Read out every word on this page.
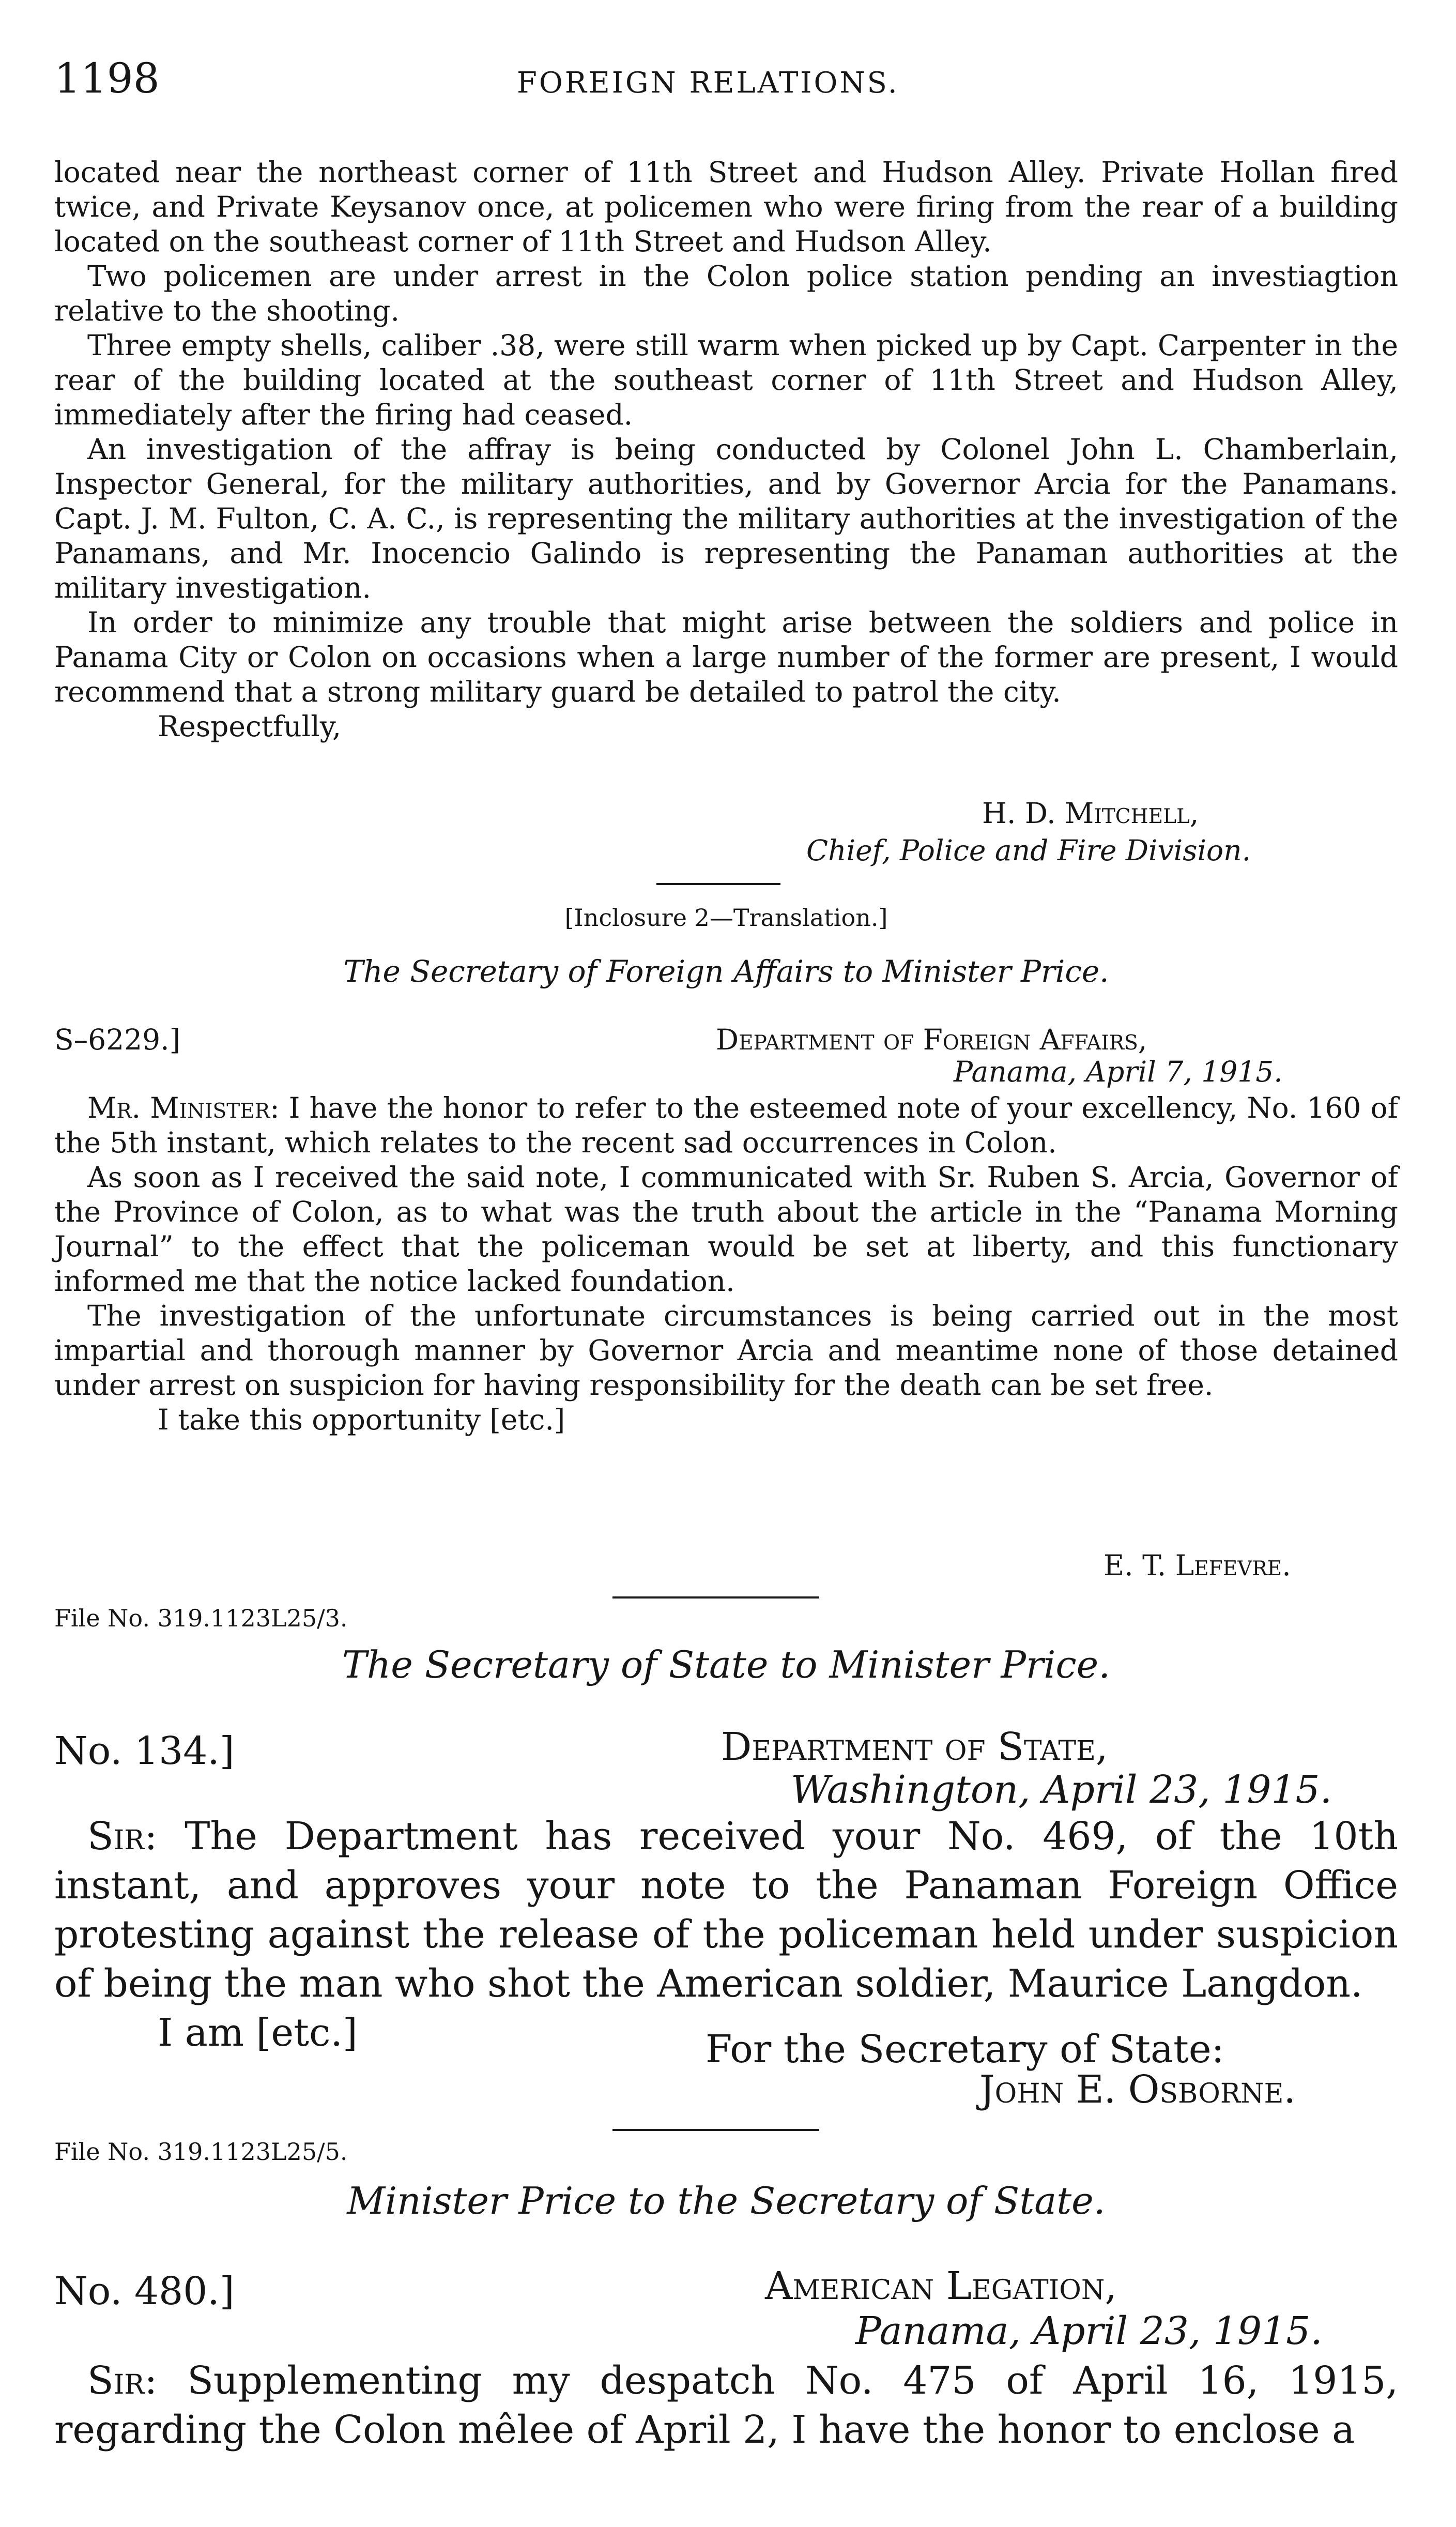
1198	FOREIGN RELATIONS.

located near the northeast corner of 11th Street and Hudson Alley. Private Hollan fired twice, and Private Keysanov once, at policemen who were firing from the rear of a building located on the southeast corner of 11th Street and Hudson Alley.

Two policemen are under arrest in the Colon police station pending an investiagtion relative to the shooting.

Three empty shells, caliber .38, were still warm when picked up by Capt. Carpenter in the rear of the building located at the southeast corner of 11th Street and Hudson Alley, immediately after the firing had ceased.

An investigation of the affray is being conducted by Colonel John L. Chamberlain, Inspector General, for the military authorities, and by Governor Arcia for the Panamans. Capt. J. M. Fulton, C. A. C., is representing the military authorities at the investigation of the Panamans, and Mr. Inocencio Galindo is representing the Panaman authorities at the military investigation.

In order to minimize any trouble that might arise between the soldiers and police in Panama City or Colon on occasions when a large number of the former are present, I would recommend that a strong military guard be detailed to patrol the city.

Respectfully,

H. D. Mitchell,
Chief, Police and Fire Division.
[Inclosure 2—Translation.]
The Secretary of Foreign Affairs to Minister Price.
S–6229.]	Department of Foreign Affairs,
Panama, April 7, 1915.

Mr. Minister: I have the honor to refer to the esteemed note of your excellency, No. 160 of the 5th instant, which relates to the recent sad occurrences in Colon.

As soon as I received the said note, I communicated with Sr. Ruben S. Arcia, Governor of the Province of Colon, as to what was the truth about the article in the “Panama Morning Journal” to the effect that the policeman would be set at liberty, and this functionary informed me that the notice lacked foundation.

The investigation of the unfortunate circumstances is being carried out in the most impartial and thorough manner by Governor Arcia and meantime none of those detained under arrest on suspicion for having responsibility for the death can be set free.

I take this opportunity [etc.]

E. T. Lefevre.
File No. 319.1123L25/3.
The Secretary of State to Minister Price.
No. 134.]	Department of State,
Washington, April 23, 1915.

Sir: The Department has received your No. 469, of the 10th instant, and approves your note to the Panaman Foreign Office protesting against the release of the policeman held under suspicion of being the man who shot the American soldier, Maurice Langdon.

I am [etc.]	For the Secretary of State:
John E. Osborne.
File No. 319.1123L25/5.
Minister Price to the Secretary of State.
No. 480.]	American Legation,
Panama, April 23, 1915.

Sir: Supplementing my despatch No. 475 of April 16, 1915, regarding the Colon mêlee of April 2, I have the honor to enclose a
